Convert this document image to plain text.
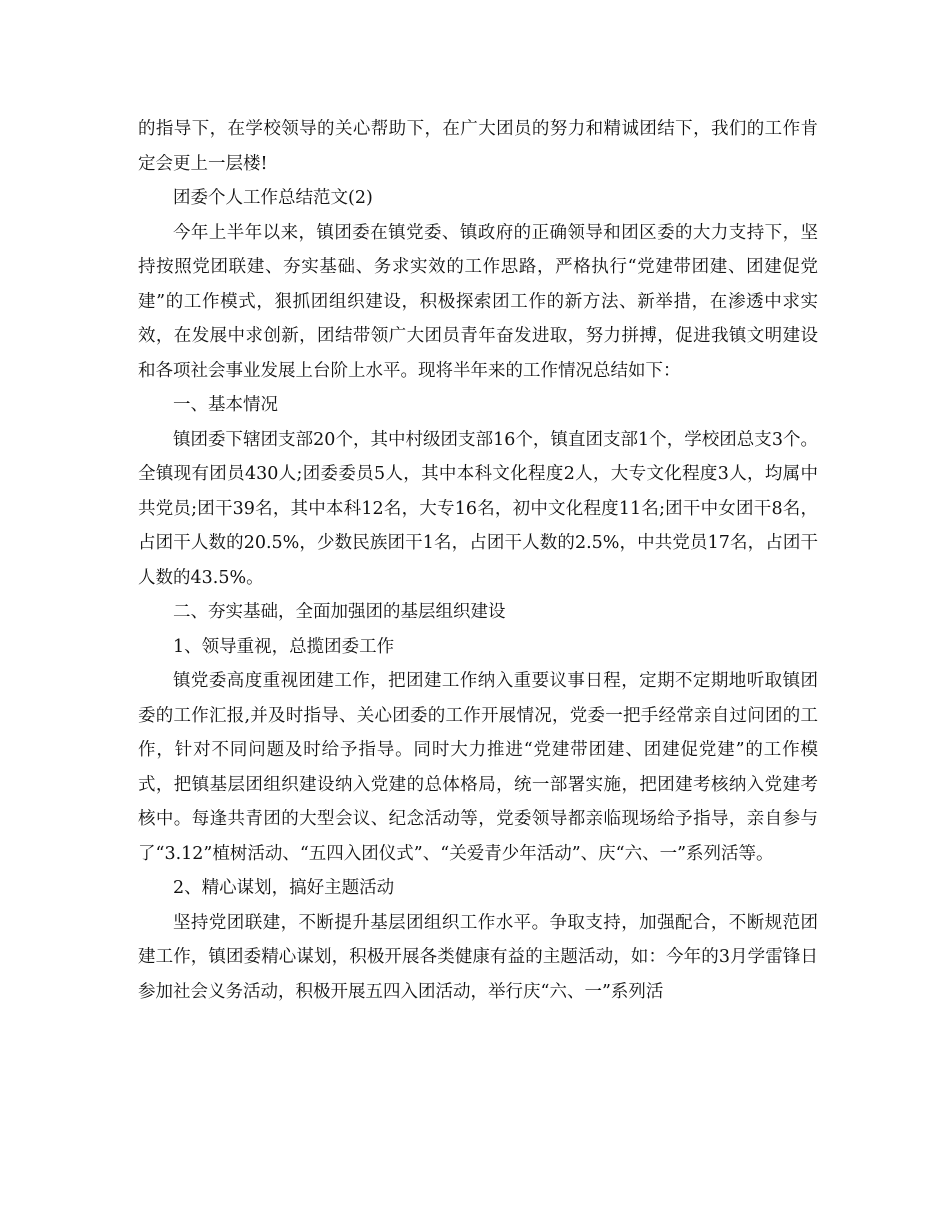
的指导下，在学校领导的关心帮助下，在广大团员的努力和精诚团结下，我们的工作肯定会更上一层楼!

团委个人工作总结范文(2)

今年上半年以来，镇团委在镇党委、镇政府的正确领导和团区委的大力支持下，坚持按照党团联建、夯实基础、务求实效的工作思路，严格执行“党建带团建、团建促党建”的工作模式，狠抓团组织建设，积极探索团工作的新方法、新举措，在渗透中求实效，在发展中求创新，团结带领广大团员青年奋发进取，努力拼搏，促进我镇文明建设和各项社会事业发展上台阶上水平。现将半年来的工作情况总结如下：

一、基本情况

镇团委下辖团支部20个，其中村级团支部16个，镇直团支部1个，学校团总支3个。全镇现有团员430人;团委委员5人，其中本科文化程度2人，大专文化程度3人，均属中共党员;团干39名，其中本科12名，大专16名，初中文化程度11名;团干中女团干8名，占团干人数的20.5%，少数民族团干1名，占团干人数的2.5%，中共党员17名，占团干人数的43.5%。

二、夯实基础，全面加强团的基层组织建设

1、领导重视，总揽团委工作

镇党委高度重视团建工作，把团建工作纳入重要议事日程，定期不定期地听取镇团委的工作汇报,并及时指导、关心团委的工作开展情况，党委一把手经常亲自过问团的工作，针对不同问题及时给予指导。同时大力推进“党建带团建、团建促党建”的工作模式，把镇基层团组织建设纳入党建的总体格局，统一部署实施，把团建考核纳入党建考核中。每逢共青团的大型会议、纪念活动等，党委领导都亲临现场给予指导，亲自参与了“3.12”植树活动、“五四入团仪式”、“关爱青少年活动”、庆“六、一”系列活等。

2、精心谋划，搞好主题活动

坚持党团联建，不断提升基层团组织工作水平。争取支持，加强配合，不断规范团建工作，镇团委精心谋划，积极开展各类健康有益的主题活动，如：今年的3月学雷锋日参加社会义务活动，积极开展五四入团活动，举行庆“六、一”系列活
